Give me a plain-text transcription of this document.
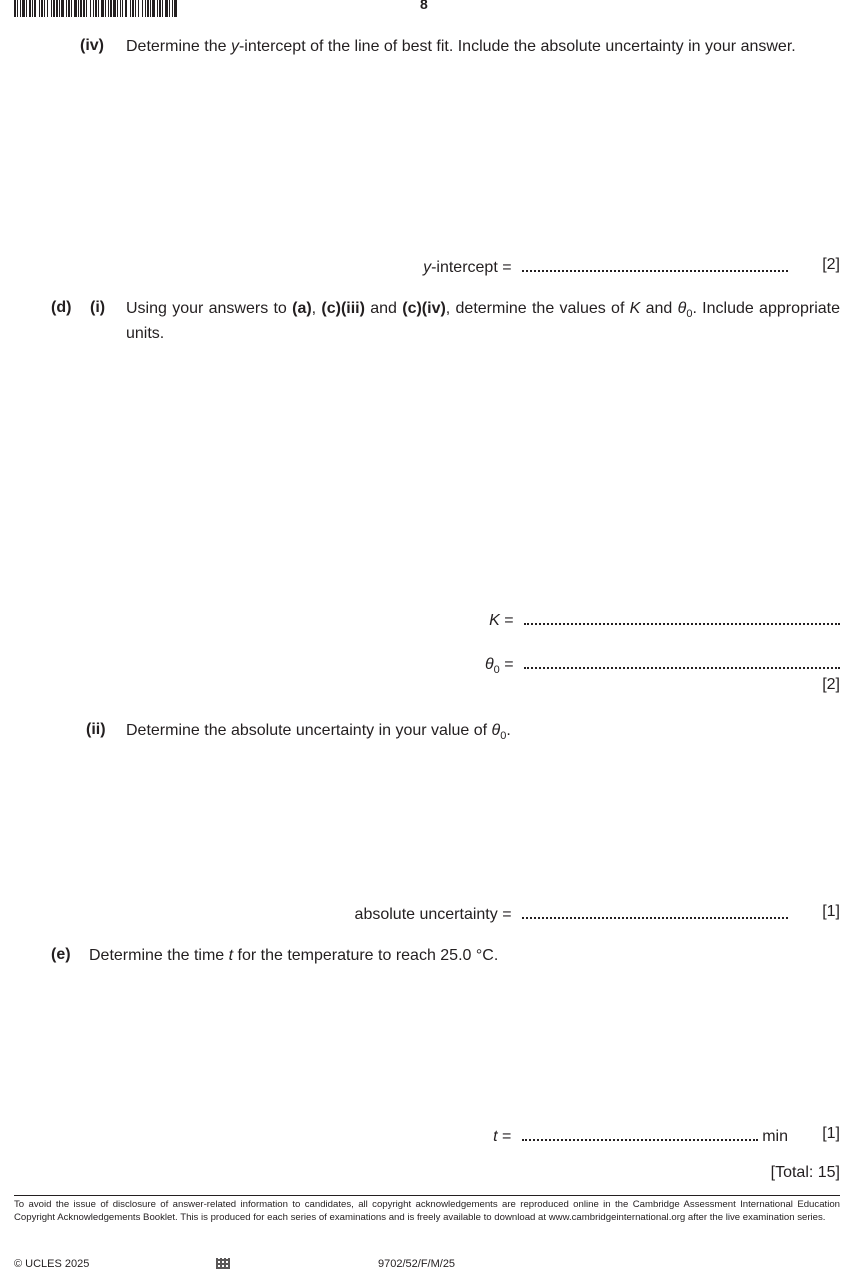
8
(iv) Determine the y-intercept of the line of best fit. Include the absolute uncertainty in your answer.
y-intercept =	[2]
(d) (i) Using your answers to (a), (c)(iii) and (c)(iv), determine the values of K and $\theta_0$. Include appropriate units.
K =
$\theta_0$ =
[2]
(ii) Determine the absolute uncertainty in your value of $\theta_0$.
absolute uncertainty =	[1]
(e) Determine the time t for the temperature to reach 25.0 °C.
t =	min [1]
[Total: 15]
To avoid the issue of disclosure of answer-related information to candidates, all copyright acknowledgements are reproduced online in the Cambridge Assessment International Education Copyright Acknowledgements Booklet. This is produced for each series of examinations and is freely available to download at www.cambridgeinternational.org after the live examination series.
© UCLES 2025	9702/52/F/M/25
